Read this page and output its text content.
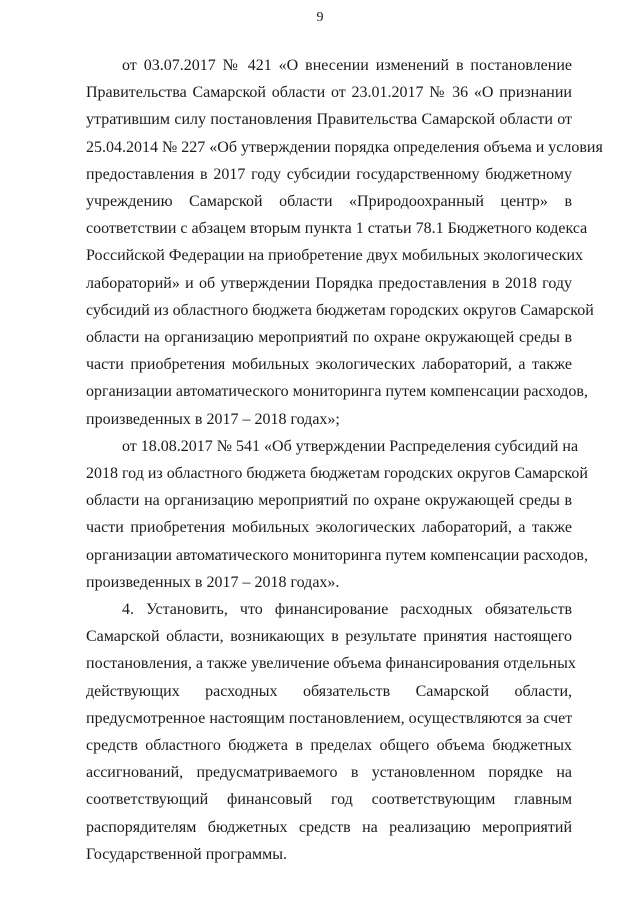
9
от 03.07.2017 № 421 «О внесении изменений в постановление
Правительства Самарской области от 23.01.2017 № 36 «О признании
утратившим силу постановления Правительства Самарской области от
25.04.2014 № 227 «Об утверждении порядка определения объема и условия
предоставления в 2017 году субсидии государственному бюджетному
учреждению Самарской области «Природоохранный центр» в
соответствии с абзацем вторым пункта 1 статьи 78.1 Бюджетного кодекса
Российской Федерации на приобретение двух мобильных экологических
лабораторий» и об утверждении Порядка предоставления в 2018 году
субсидий из областного бюджета бюджетам городских округов Самарской
области на организацию мероприятий по охране окружающей среды в
части приобретения мобильных экологических лабораторий, а также
организации автоматического мониторинга путем компенсации расходов,
произведенных в 2017 – 2018 годах»;
от 18.08.2017 № 541 «Об утверждении Распределения субсидий на
2018 год из областного бюджета бюджетам городских округов Самарской
области на организацию мероприятий по охране окружающей среды в
части приобретения мобильных экологических лабораторий, а также
организации автоматического мониторинга путем компенсации расходов,
произведенных в 2017 – 2018 годах».
4. Установить, что финансирование расходных обязательств
Самарской области, возникающих в результате принятия настоящего
постановления, а также увеличение объема финансирования отдельных
действующих расходных обязательств Самарской области,
предусмотренное настоящим постановлением, осуществляются за счет
средств областного бюджета в пределах общего объема бюджетных
ассигнований, предусматриваемого в установленном порядке на
соответствующий финансовый год соответствующим главным
распорядителям бюджетных средств на реализацию мероприятий
Государственной программы.
